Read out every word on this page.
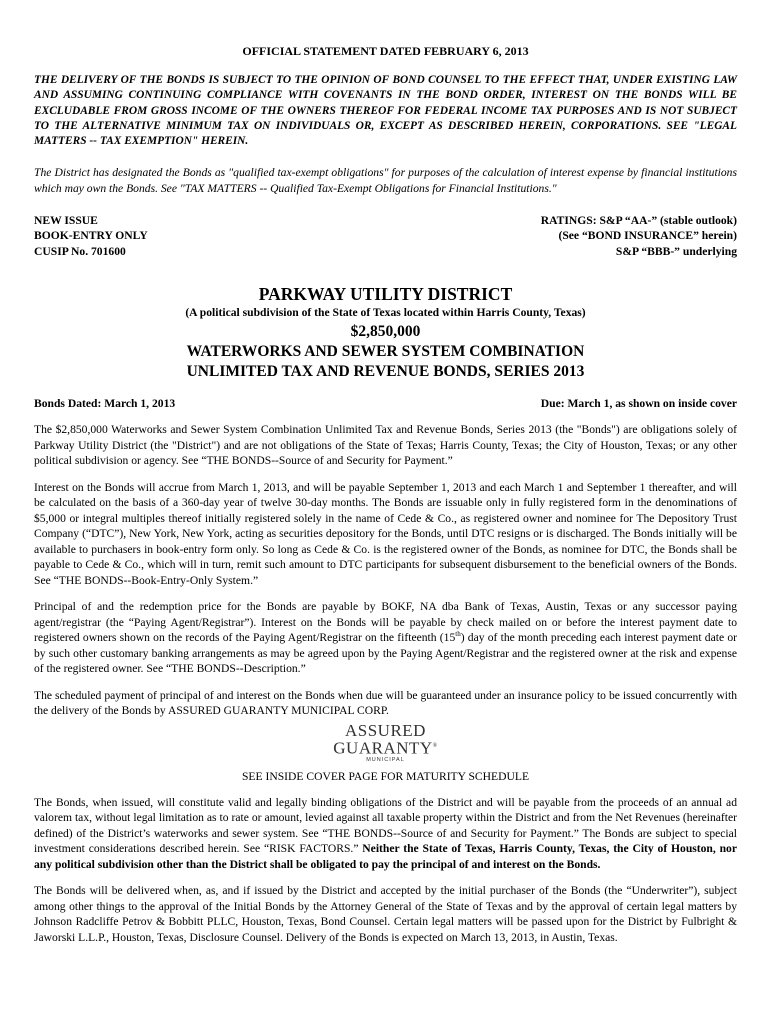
OFFICIAL STATEMENT DATED FEBRUARY 6, 2013
THE DELIVERY OF THE BONDS IS SUBJECT TO THE OPINION OF BOND COUNSEL TO THE EFFECT THAT, UNDER EXISTING LAW AND ASSUMING CONTINUING COMPLIANCE WITH COVENANTS IN THE BOND ORDER, INTEREST ON THE BONDS WILL BE EXCLUDABLE FROM GROSS INCOME OF THE OWNERS THEREOF FOR FEDERAL INCOME TAX PURPOSES AND IS NOT SUBJECT TO THE ALTERNATIVE MINIMUM TAX ON INDIVIDUALS OR, EXCEPT AS DESCRIBED HEREIN, CORPORATIONS. SEE "LEGAL MATTERS -- TAX EXEMPTION" HEREIN.
The District has designated the Bonds as "qualified tax-exempt obligations" for purposes of the calculation of interest expense by financial institutions which may own the Bonds. See "TAX MATTERS -- Qualified Tax-Exempt Obligations for Financial Institutions."
NEW ISSUE
BOOK-ENTRY ONLY
CUSIP No. 701600
RATINGS: S&P “AA-” (stable outlook)
(See “BOND INSURANCE” herein)
S&P “BBB-” underlying
PARKWAY UTILITY DISTRICT
(A political subdivision of the State of Texas located within Harris County, Texas)
$2,850,000
WATERWORKS AND SEWER SYSTEM COMBINATION
UNLIMITED TAX AND REVENUE BONDS, SERIES 2013
Bonds Dated: March 1, 2013	Due: March 1, as shown on inside cover
The $2,850,000 Waterworks and Sewer System Combination Unlimited Tax and Revenue Bonds, Series 2013 (the "Bonds") are obligations solely of Parkway Utility District (the "District") and are not obligations of the State of Texas; Harris County, Texas; the City of Houston, Texas; or any other political subdivision or agency. See “THE BONDS--Source of and Security for Payment.”
Interest on the Bonds will accrue from March 1, 2013, and will be payable September 1, 2013 and each March 1 and September 1 thereafter, and will be calculated on the basis of a 360-day year of twelve 30-day months. The Bonds are issuable only in fully registered form in the denominations of $5,000 or integral multiples thereof initially registered solely in the name of Cede & Co., as registered owner and nominee for The Depository Trust Company (“DTC”), New York, New York, acting as securities depository for the Bonds, until DTC resigns or is discharged. The Bonds initially will be available to purchasers in book-entry form only. So long as Cede & Co. is the registered owner of the Bonds, as nominee for DTC, the Bonds shall be payable to Cede & Co., which will in turn, remit such amount to DTC participants for subsequent disbursement to the beneficial owners of the Bonds. See “THE BONDS--Book-Entry-Only System.”
Principal of and the redemption price for the Bonds are payable by BOKF, NA dba Bank of Texas, Austin, Texas or any successor paying agent/registrar (the “Paying Agent/Registrar”). Interest on the Bonds will be payable by check mailed on or before the interest payment date to registered owners shown on the records of the Paying Agent/Registrar on the fifteenth (15th) day of the month preceding each interest payment date or by such other customary banking arrangements as may be agreed upon by the Paying Agent/Registrar and the registered owner at the risk and expense of the registered owner. See “THE BONDS--Description.”
The scheduled payment of principal of and interest on the Bonds when due will be guaranteed under an insurance policy to be issued concurrently with the delivery of the Bonds by ASSURED GUARANTY MUNICIPAL CORP.
ASSURED
GUARANTY®
MUNICIPAL
SEE INSIDE COVER PAGE FOR MATURITY SCHEDULE
The Bonds, when issued, will constitute valid and legally binding obligations of the District and will be payable from the proceeds of an annual ad valorem tax, without legal limitation as to rate or amount, levied against all taxable property within the District and from the Net Revenues (hereinafter defined) of the District’s waterworks and sewer system. See “THE BONDS--Source of and Security for Payment.” The Bonds are subject to special investment considerations described herein. See “RISK FACTORS.” Neither the State of Texas, Harris County, Texas, the City of Houston, nor any political subdivision other than the District shall be obligated to pay the principal of and interest on the Bonds.
The Bonds will be delivered when, as, and if issued by the District and accepted by the initial purchaser of the Bonds (the “Underwriter”), subject among other things to the approval of the Initial Bonds by the Attorney General of the State of Texas and by the approval of certain legal matters by Johnson Radcliffe Petrov & Bobbitt PLLC, Houston, Texas, Bond Counsel. Certain legal matters will be passed upon for the District by Fulbright & Jaworski L.L.P., Houston, Texas, Disclosure Counsel. Delivery of the Bonds is expected on March 13, 2013, in Austin, Texas.
